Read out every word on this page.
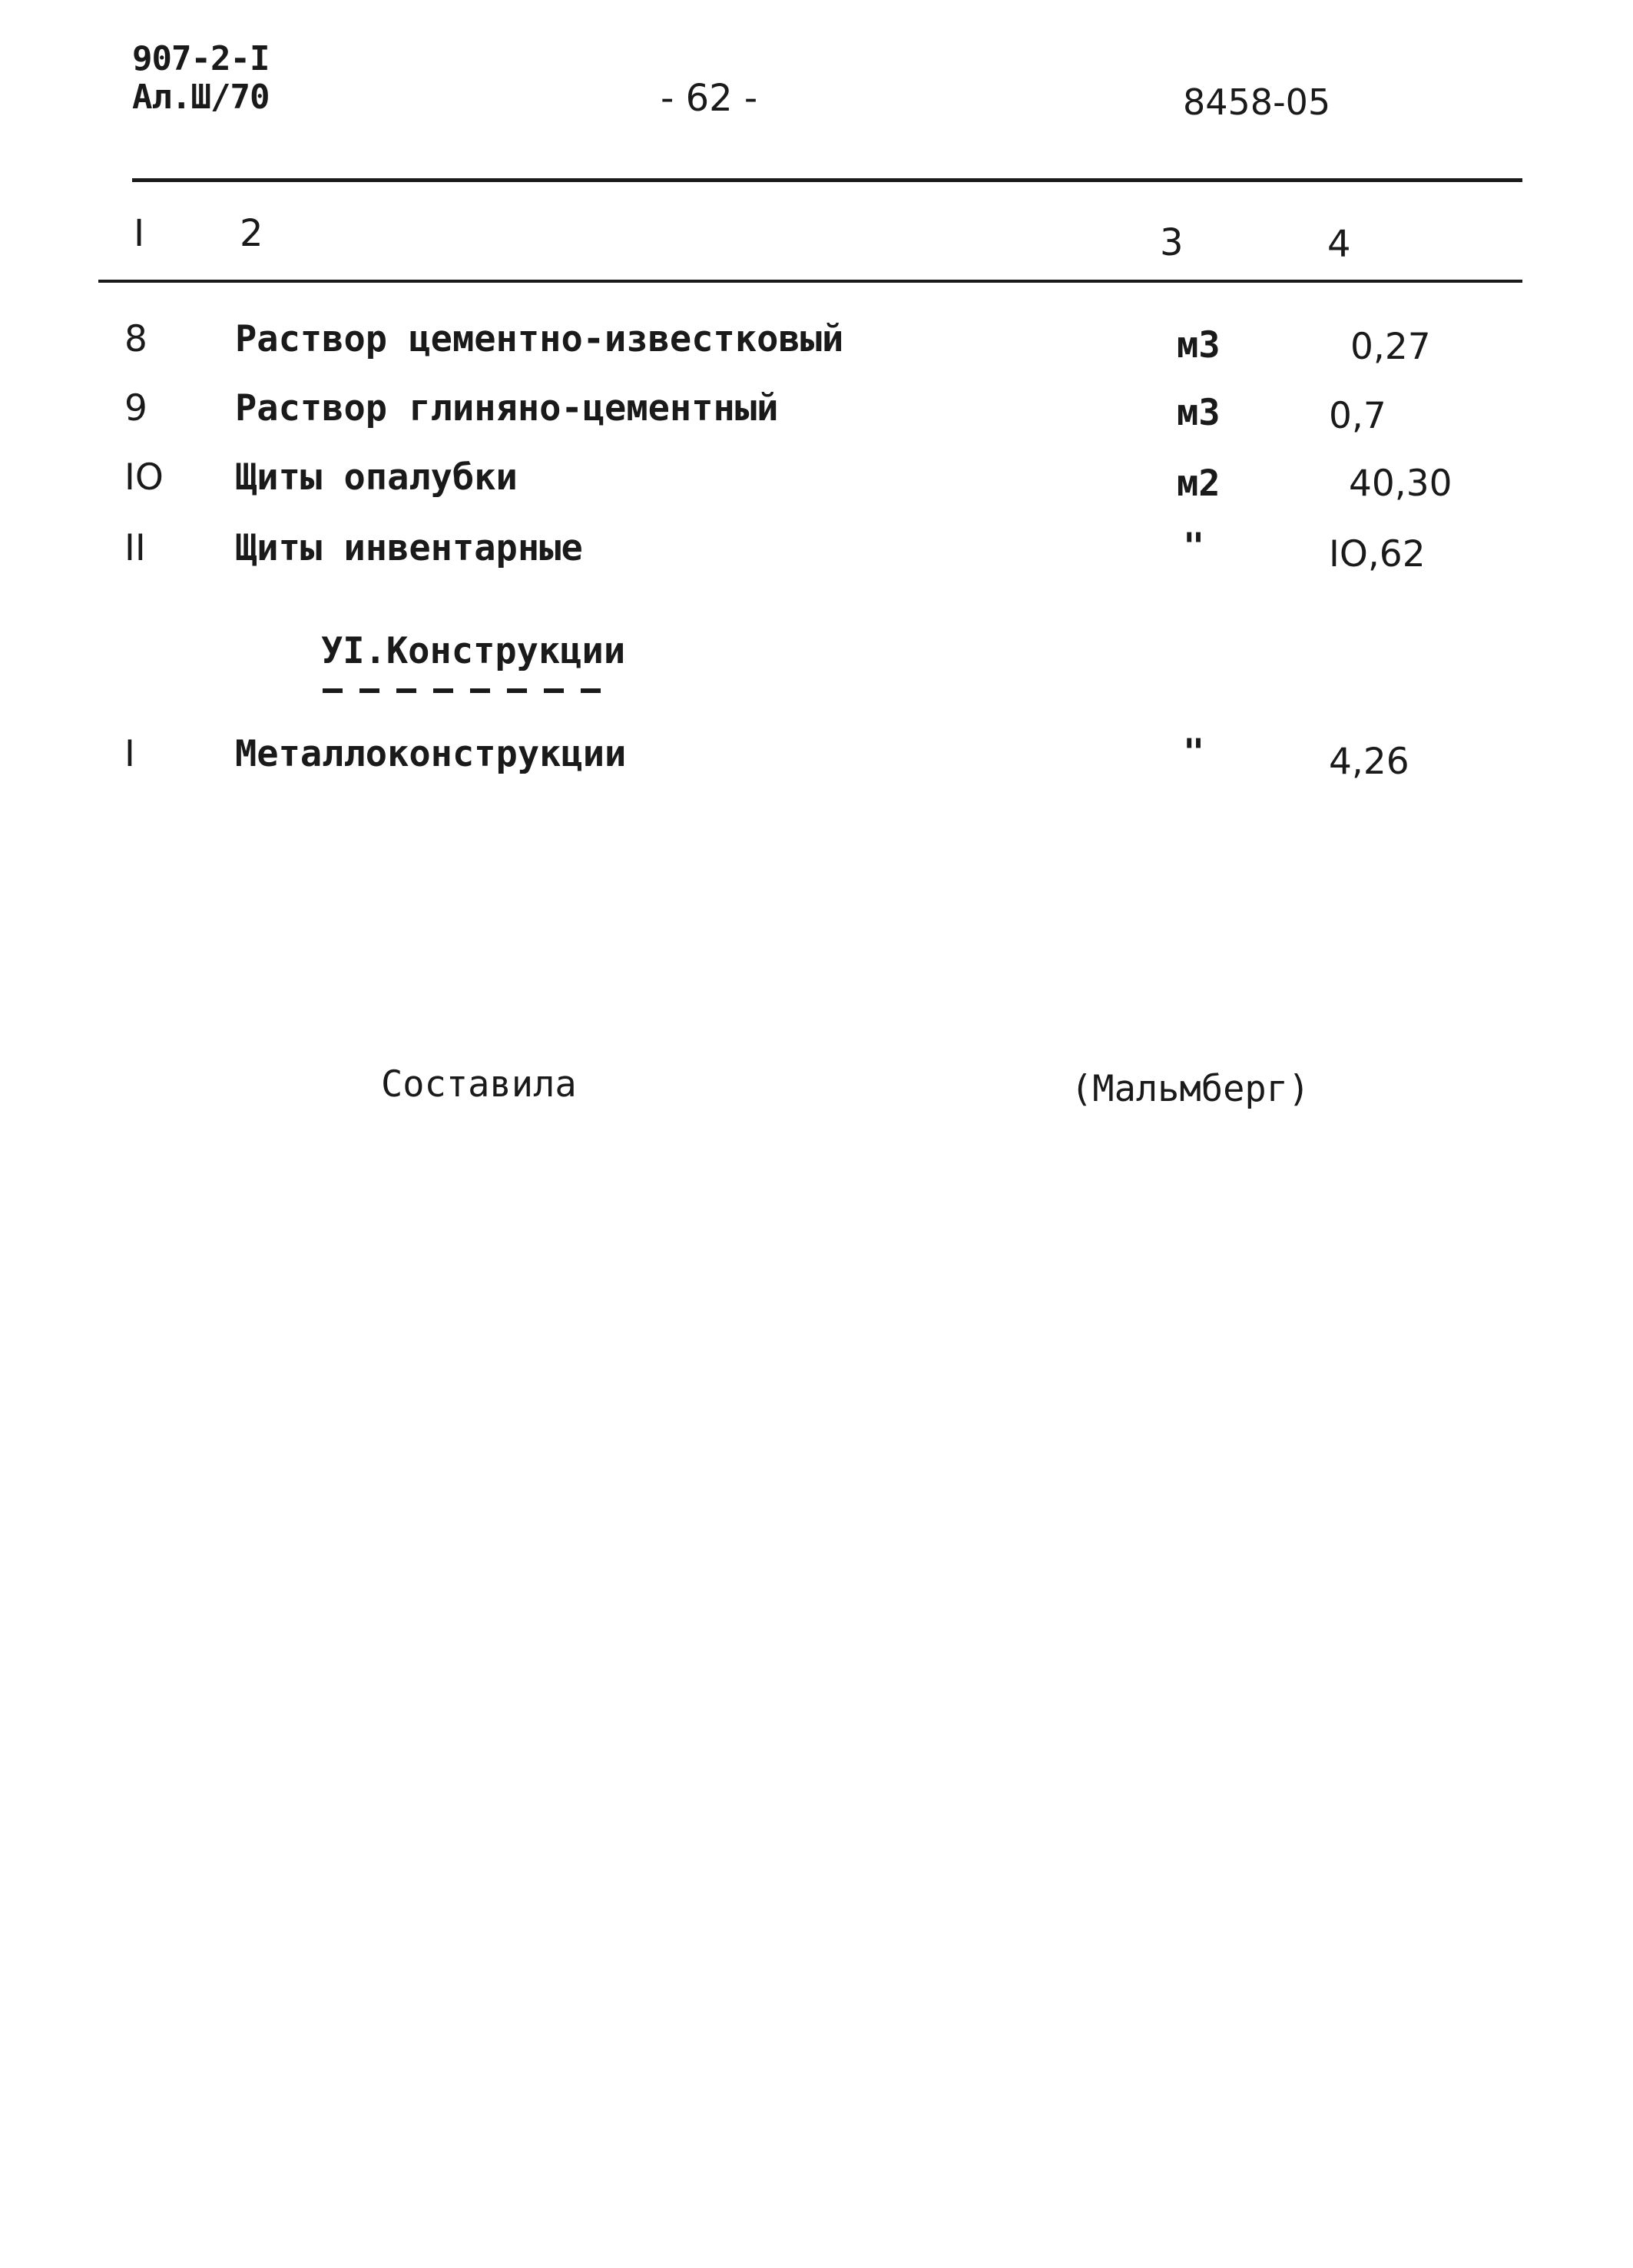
907-2-I
Ал.Ш/70	- 62 -	8458-05
I	2	3	4
8 Раствор цементно-известковый	м3	0,27
9 Раствор глиняно-цементный	м3	0,7
IO Щиты опалубки	м2	40,30
II Щиты инвентарные	"	IO,62
УI.Конструкции
I	Металлоконструкции	"	4,26
Составила	(Мальмберг)
